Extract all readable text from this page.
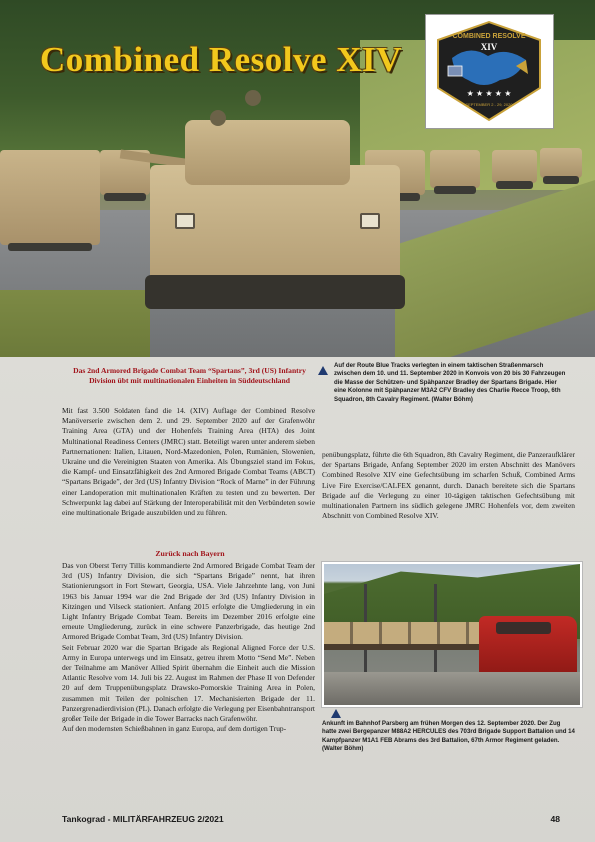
Combined Resolve XIV
COMBINED RESOLVE
XIV
★ ★ ★ ★ ★
SEPTEMBER 2 - 29, 2020
Auf der Route Blue Tracks verlegten in einem taktischen Straßenmarsch zwischen dem 10. und 11. September 2020 in Konvois von 20 bis 30 Fahrzeugen die Masse der Schützen- und Spähpanzer Bradley der Spartans Brigade. Hier eine Kolonne mit Spähpanzer M3A2 CFV Bradley des Charlie Recce Troop, 6th Squadron, 8th Cavalry Regiment. (Walter Böhm)
Das 2nd Armored Brigade Combat Team “Spartans”, 3rd (US) Infantry Division übt mit multinationalen Einheiten in Süddeutschland

Mit fast 3.500 Soldaten fand die 14. (XIV) Auflage der Combined Resolve Manöverserie zwischen dem 2. und 29. September 2020 auf der Grafenwöhr Training Area (GTA) und der Hohenfels Training Area (HTA) des Joint Multinational Readiness Centers (JMRC) statt. Beteiligt waren unter anderem sieben Partnernationen: Italien, Litauen, Nord-Mazedonien, Polen, Rumänien, Slowenien, Ukraine und die Vereinigten Staaten von Amerika. Als Übungsziel stand im Fokus, die Kampf- und Einsatzfähigkeit des 2nd Armored Brigade Combat Teams (ABCT) “Spartans Brigade”, der 3rd (US) Infantry Division “Rock of Marne” in der Führung einer Landoperation mit multinationalen Kräften zu testen und zu bewerten. Der Schwerpunkt lag dabei auf Stärkung der Interoperabilität mit den Verbündeten sowie eine multinationale Brigade auszubilden und zu führen.

Zurück nach Bayern

Das von Oberst Terry Tillis kommandierte 2nd Armored Brigade Combat Team der 3rd (US) Infantry Division, die sich “Spartans Brigade” nennt, hat ihren Stationierungsort in Fort Stewart, Georgia, USA. Viele Jahrzehnte lang, von Juni 1963 bis Januar 1994 war die 2nd Brigade der 3rd (US) Infantry Division in Kitzingen und Vilseck stationiert. Anfang 2015 erfolgte die Umgliederung in ein Light Infantry Brigade Combat Team. Bereits im Dezember 2016 erfolgte eine erneute Umgliederung, zurück in eine schwere Panzerbrigade, das heutige 2nd Armored Brigade Combat Team, 3rd (US) Infantry Division.

Seit Februar 2020 war die Spartan Brigade als Regional Aligned Force der U.S. Army in Europa unterwegs und im Einsatz, getreu ihrem Motto “Send Me”. Neben der Teilnahme am Manöver Allied Spirit übernahm die Einheit auch die Mission Atlantic Resolve vom 14. Juli bis 22. August im Rahmen der Phase II von Defender 20 auf dem Truppenübungsplatz Drawsko-Pomorskie Training Area in Polen, zusammen mit Teilen der polnischen 17. Mechanisierten Brigade der 11. Panzergrenadierdivision (PL). Danach erfolgte die Verlegung per Eisenbahntransport großer Teile der Brigade in die Tower Barracks nach Grafenwöhr.

Auf den modernsten Schießbahnen in ganz Europa, auf dem dortigen Trup-

penübungsplatz, führte die 6th Squadron, 8th Cavalry Regiment, die Panzeraufklärer der Spartans Brigade, Anfang September 2020 im ersten Abschnitt des Manövers Combined Resolve XIV eine Gefechtsübung im scharfen Schuß, Combined Arms Live Fire Exercise/CALFEX genannt, durch. Danach bereitete sich die Spartans Brigade auf die Verlegung zu einer 10-tägigen taktischen Gefechtsübung mit multinationalen Partnern ins südlich gelegene JMRC Hohenfels vor, dem zweiten Abschnitt von Combined Resolve XIV.

Ankunft im Bahnhof Parsberg am frühen Morgen des 12. September 2020. Der Zug hatte zwei Bergepanzer M88A2 HERCULES des 703rd Brigade Support Battalion und 14 Kampfpanzer M1A1 FEB Abrams des 3rd Battalion, 67th Armor Regiment geladen. (Walter Böhm)
Tankograd - MILITÄRFAHRZEUG 2/2021	48
